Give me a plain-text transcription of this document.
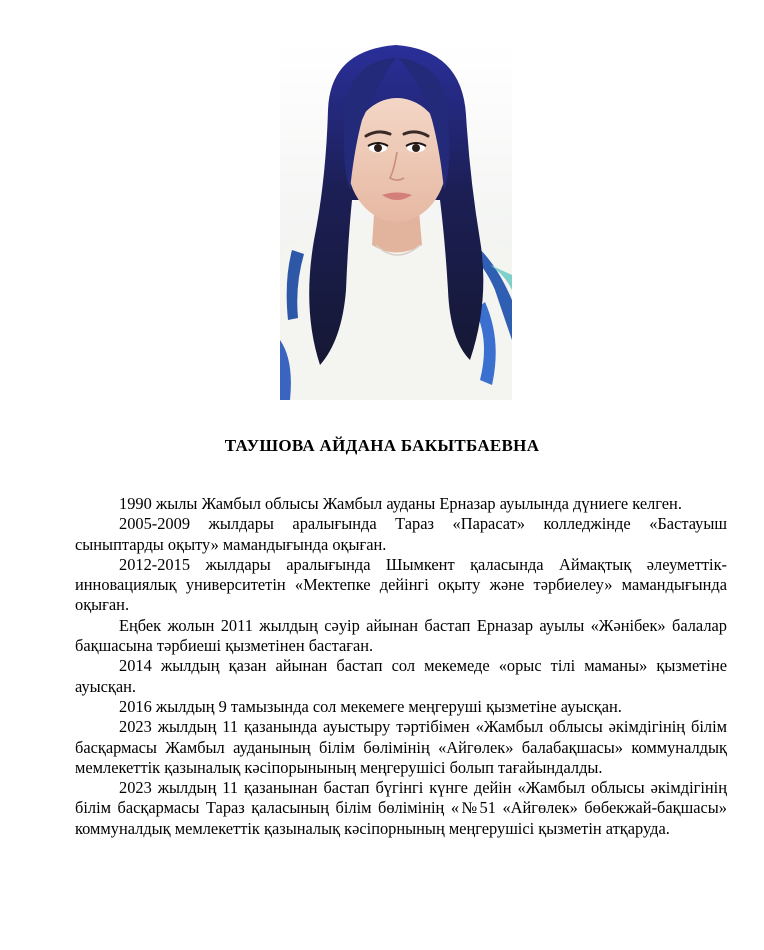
ТАУШОВА АЙДАНА БАКЫТБАЕВНА

1990 жылы Жамбыл облысы Жамбыл ауданы Ерназар ауылында дүниеге келген.

2005-2009 жылдары аралығында Тараз «Парасат» колледжінде «Бастауыш сыныптарды оқыту» мамандығында оқыған.

2012-2015 жылдары аралығында Шымкент қаласында Аймақтық әлеуметтік-инновациялық университетін «Мектепке дейінгі оқыту және тәрбиелеу» мамандығында оқыған.

Еңбек жолын 2011 жылдың сәуір айынан бастап Ерназар ауылы «Жәнібек» балалар бақшасына тәрбиеші қызметінен бастаған.

2014 жылдың қазан айынан бастап сол мекемеде «орыс тілі маманы» қызметіне ауысқан.

2016 жылдың 9 тамызында сол мекемеге меңгеруші қызметіне ауысқан.

2023 жылдың 11 қазанында ауыстыру тәртібімен «Жамбыл облысы әкімдігінің білім басқармасы Жамбыл ауданының білім бөлімінің «Айгөлек» балабақшасы» коммуналдық мемлекеттік қазыналық кәсіпорынының меңгерушісі болып тағайындалды.

2023 жылдың 11 қазанынан бастап бүгінгі күнге дейін «Жамбыл облысы әкімдігінің білім басқармасы Тараз қаласының білім бөлімінің «№51 «Айгөлек» бөбекжай-бақшасы» коммуналдық мемлекеттік қазыналық кәсіпорнының меңгерушісі қызметін атқаруда.
